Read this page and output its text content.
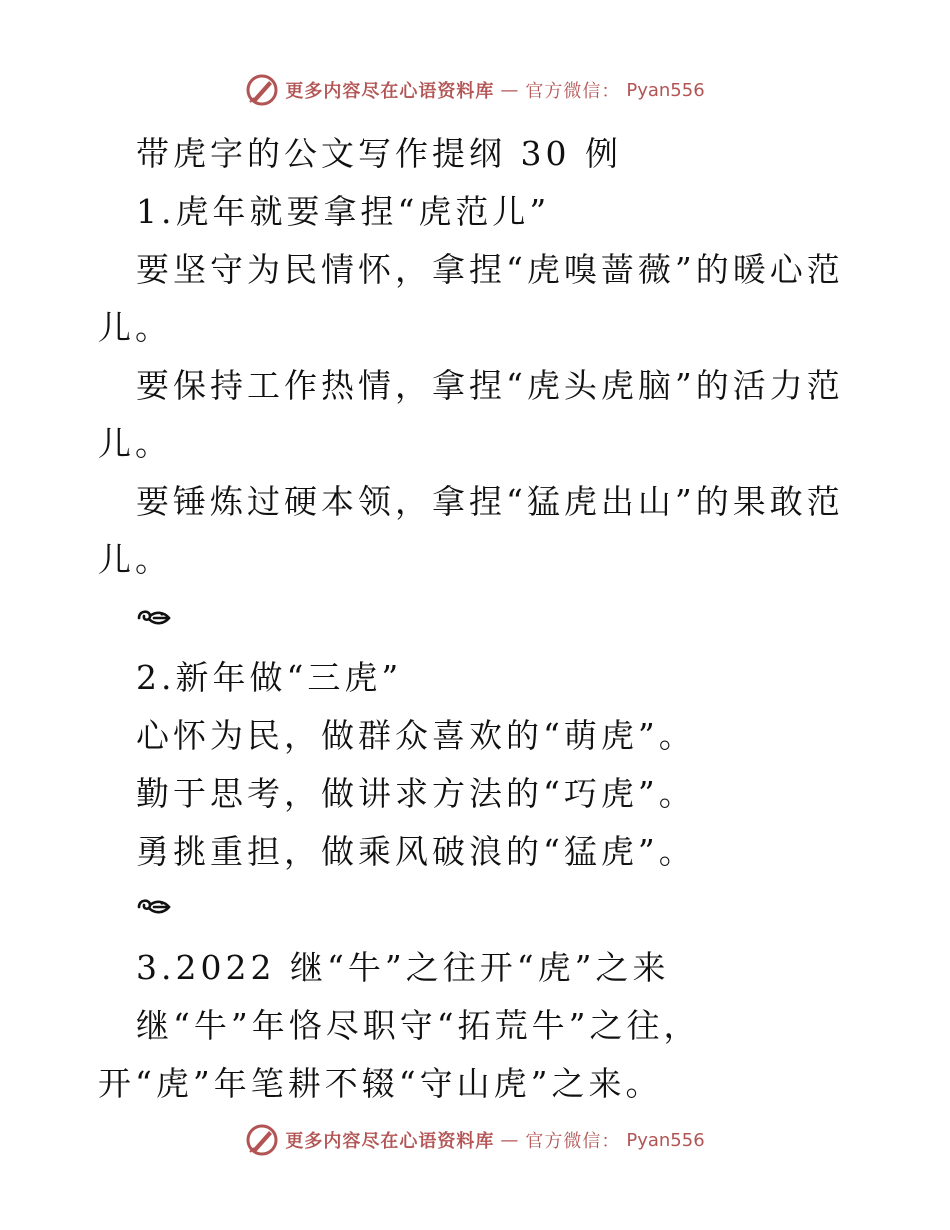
更多内容尽在心语资料库 — 官方微信： Pyan556
带虎字的公文写作提纲 30 例
1.虎年就要拿捏“虎范儿”
要坚守为民情怀，拿捏“虎嗅蔷薇”的暖心范
儿。
要保持工作热情，拿捏“虎头虎脑”的活力范
儿。
要锤炼过硬本领，拿捏“猛虎出山”的果敢范
儿。
2.新年做“三虎”
心怀为民，做群众喜欢的“萌虎”。
勤于思考，做讲求方法的“巧虎”。
勇挑重担，做乘风破浪的“猛虎”。
3.2022 继“牛”之往开“虎”之来
继“牛”年恪尽职守“拓荒牛”之往，
开“虎”年笔耕不辍“守山虎”之来。
更多内容尽在心语资料库 — 官方微信： Pyan556
